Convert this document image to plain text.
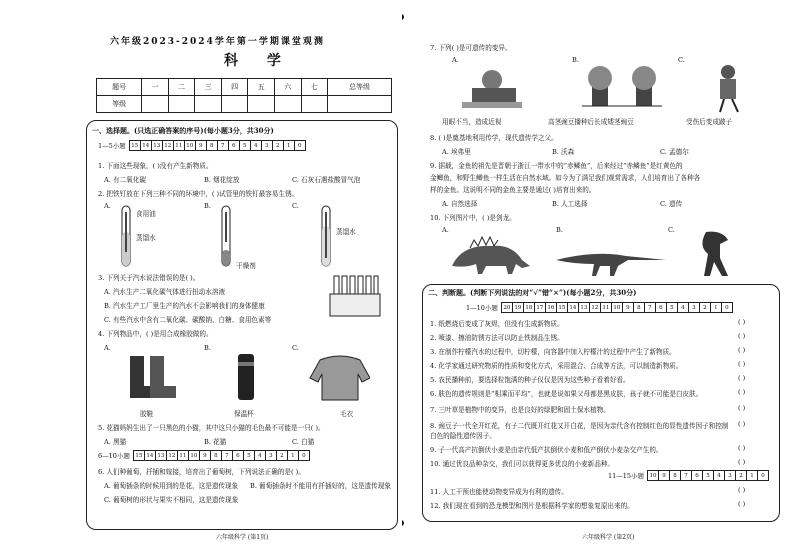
六年级2023-2024学年第一学期课堂观测
科 学
题号	一	二	三	四	五	六	七	总等级
等级								
一、选择题。(只选正确答案的序号)(每小题3分，共30分)
1—5小题	15	14	13	12	11	10	9	8	7	6	5	4	3	2	1	0
1. 下面这些现象，( )没有产生新物质。
A. 有二氧化碳	B. 烟花绽放	C. 石灰石遇盐酸冒气泡
2. 把铁钉放在下列三种不同的环境中，( )试管里的铁钉最容易生锈。
A.	B.	C.
食用油
蒸馏水
干燥剂
蒸馏水
3. 下列关于汽水说法错误的是( )。
A. 汽水生产二氧化碳气体进行扭动水溶液
B. 汽水生产工厂里生产的汽水不会影响我们的身体健康
C. 有些汽水中含有二氧化碳、碳酸钠、白糖、食用色素等
4. 下列物品中，( )是用合成橡胶做的。
A.	B.	C.
胶鞋	保温杯	毛衣
5. 花猫妈妈生出了一只黑色的小猫，其中这只小猫的毛色最不可能是一只( )。
A. 黑猫	B. 花猫	C. 白猫
6—10小题	15	14	13	12	11	10	9	8	7	6	5	4	3	2	1	0
6. 人们种葡萄，扦插和嫁接，培育出了葡萄树，下列说法正确的是( )。
A. 葡萄插条的时候用到的是花，这是遗传现象 B. 葡萄插条时不能用有扦插好的，这是遗传现象
C. 葡萄树的形状与果实不相同，这是遗传现象
六年级科学 (第1页)
7. 下列( )是可遗传的变异。
A.	B.	C.
用眼不当，造成近视	高茎豌豆播种后长成矮茎豌豆	受伤后变成跛子
8. ( )是奠基地利用传学，现代遗传学之父。
A. 埃弗里	B. 沃森	C. 孟德尔
9. 据载，金鱼的祖先是晋朝于浙江一带水中的“赤鳞鱼”，后来经过“赤鳞鱼”是红黄色的
金鲫鱼，和野生鲫鱼一样生活在自然水域。如今为了满足我们观赏需求，人们培育出了各种各
样的金鱼。这说明不同的金鱼主要是通过( )培育出来的。
A. 自然选择	B. 人工选择	C. 遗传
10. 下列图片中，( )是剑龙。
A.	B.	C.
二、判断题。(判断下列说法的对“√”错“×”)(每小题2分，共30分)
1—10小题	20	19	18	17	16	15	14	13	12	11	10	9	8	7	6	5	4	3	2	1	0
11—15小题	10	9	8	7	6	5	4	3	2	1	0
1. 纸燃烧后变成了灰烬，但没有生成新物质。	( )
2. 喷漆、擦油防锈方法可以防止铁制品生锈。	( )
3. 在制作柠檬汽水的过程中，切柠檬，向容器中加入柠檬汁的过程中产生了新物质。	( )
4. 化学家通过研究物质的性质和变化方式，采用混合、合成等方法，可以制造新物质。	( )
5. 农民播种前，要选择粒饱满的种子仅仅是因为这些种子看着好看。	( )
6. 肤色的遗传规则是“相乘而平均”，也就是说如果父母都是黑皮肤，孩子就不可能是白皮肤。	( )
7. 三叶草是植物中的变异，也是良好的绿肥和固土保水植物。	( )
8. 豌豆子一代全开红花，有子二代既开红花又开白花，是因为亲代含有控制红色的显性遗传因子和控制白色的隐性遗传因子。
( )
9. 子一代高产抗倒伏小麦是由亲代低产抗倒伏小麦和低产倒伏小麦杂交产生的。	( )
10. 通过优良品种杂交，我们可以获得更多优良的小麦新品种。	( )
11. 人工干预也能使动物变异成为有利的遗传。	( )
12. 我们现在看到的恐龙模型和图片是根据科学家的想象复原出来的。	( )
六年级科学 (第2页)
